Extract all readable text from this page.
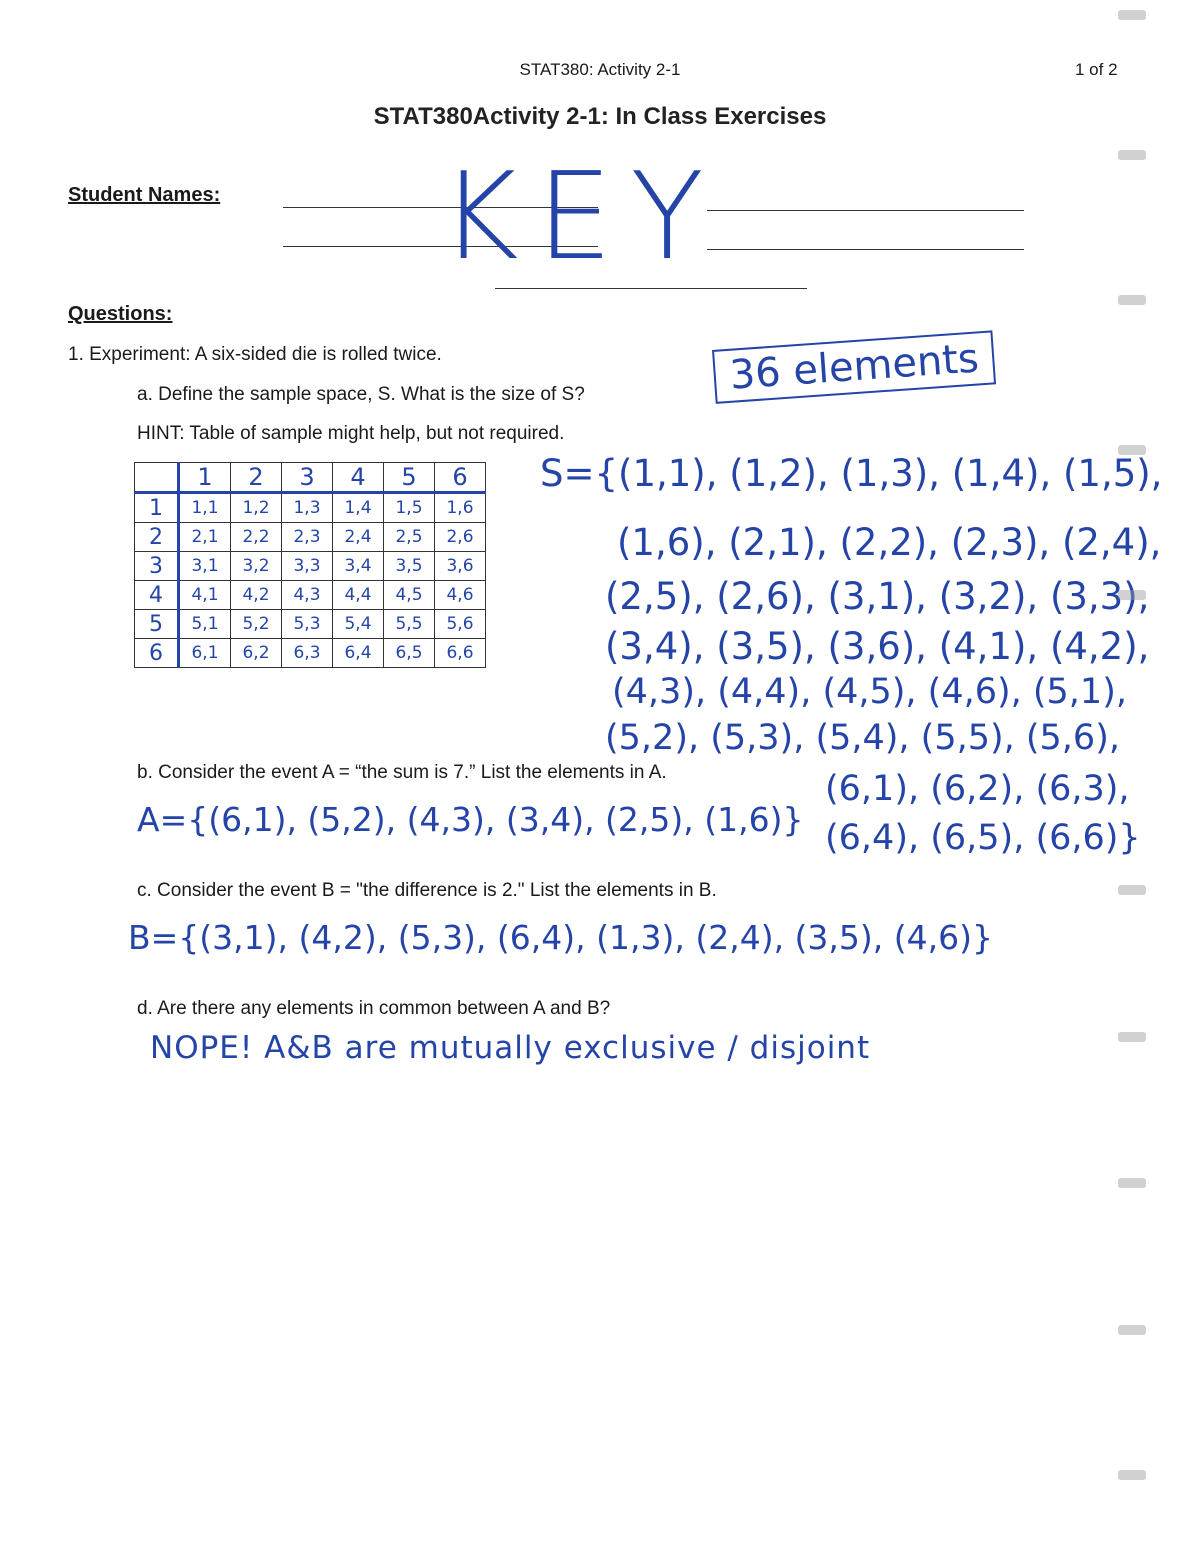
STAT380: Activity 2-1	1 of 2
STAT380Activity 2-1: In Class Exercises
Student Names: KEY
Questions:
1. Experiment: A six-sided die is rolled twice.
a. Define the sample space, S. What is the size of S?
HINT: Table of sample might help, but not required.
36 elements
	1	2	3	4	5	6
1	1,1	1,2	1,3	1,4	1,5	1,6
2	2,1	2,2	2,3	2,4	2,5	2,6
3	3,1	3,2	3,3	3,4	3,5	3,6
4	4,1	4,2	4,3	4,4	4,5	4,6
5	5,1	5,2	5,3	5,4	5,5	5,6
6	6,1	6,2	6,3	6,4	6,5	6,6
S={(1,1), (1,2), (1,3), (1,4), (1,5),
(1,6), (2,1), (2,2), (2,3), (2,4),
(2,5), (2,6), (3,1), (3,2), (3,3),
(3,4), (3,5), (3,6), (4,1), (4,2),
(4,3), (4,4), (4,5), (4,6), (5,1),
(5,2), (5,3), (5,4), (5,5), (5,6),
(6,1), (6,2), (6,3),
(6,4), (6,5), (6,6)}
b. Consider the event A = “the sum is 7.” List the elements in A.
A={(6,1), (5,2), (4,3), (3,4), (2,5), (1,6)}
c. Consider the event B = "the difference is 2." List the elements in B.
B={(3,1), (4,2), (5,3), (6,4), (1,3), (2,4), (3,5), (4,6)}
d. Are there any elements in common between A and B?
NOPE! A&B are mutually exclusive / disjoint
